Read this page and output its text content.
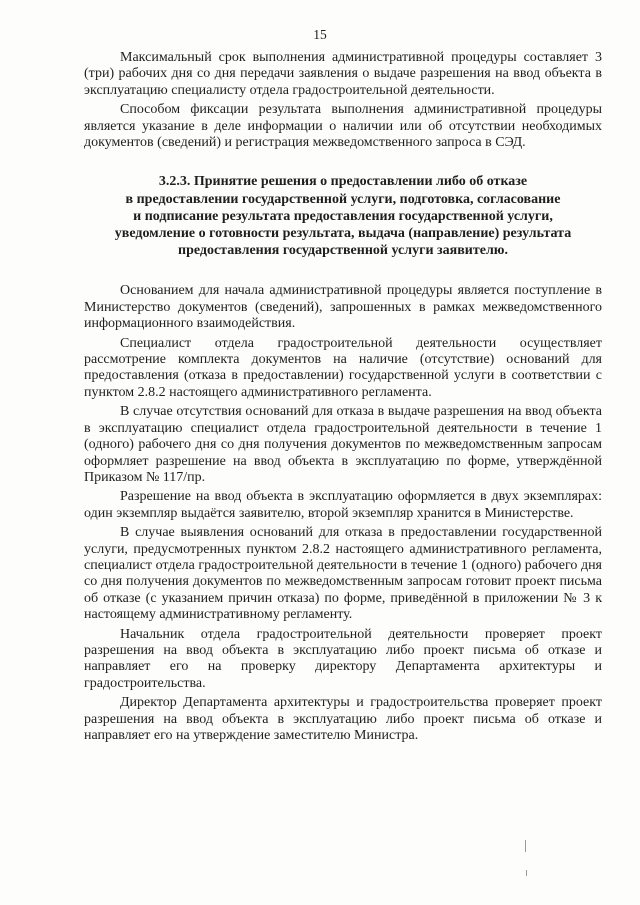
15

Максимальный срок выполнения административной процедуры составляет 3 (три) рабочих дня со дня передачи заявления о выдаче разрешения на ввод объекта в эксплуатацию специалисту отдела градостроительной деятельности.

Способом фиксации результата выполнения административной процедуры является указание в деле информации о наличии или об отсутствии необходимых документов (сведений) и регистрация межведомственного запроса в СЭД.

3.2.3. Принятие решения о предоставлении либо об отказе
в предоставлении государственной услуги, подготовка, согласование
и подписание результата предоставления государственной услуги,
уведомление о готовности результата, выдача (направление) результата
предоставления государственной услуги заявителю.

Основанием для начала административной процедуры является поступление в Министерство документов (сведений), запрошенных в рамках межведомственного информационного взаимодействия.

Специалист отдела градостроительной деятельности осуществляет рассмотрение комплекта документов на наличие (отсутствие) оснований для предоставления (отказа в предоставлении) государственной услуги в соответствии с пунктом 2.8.2 настоящего административного регламента.

В случае отсутствия оснований для отказа в выдаче разрешения на ввод объекта в эксплуатацию специалист отдела градостроительной деятельности в течение 1 (одного) рабочего дня со дня получения документов по межведомственным запросам оформляет разрешение на ввод объекта в эксплуатацию по форме, утверждённой Приказом № 117/пр.

Разрешение на ввод объекта в эксплуатацию оформляется в двух экземплярах: один экземпляр выдаётся заявителю, второй экземпляр хранится в Министерстве.

В случае выявления оснований для отказа в предоставлении государственной услуги, предусмотренных пунктом 2.8.2 настоящего административного регламента, специалист отдела градостроительной деятельности в течение 1 (одного) рабочего дня со дня получения документов по межведомственным запросам готовит проект письма об отказе (с указанием причин отказа) по форме, приведённой в приложении № 3 к настоящему административному регламенту.

Начальник отдела градостроительной деятельности проверяет проект разрешения на ввод объекта в эксплуатацию либо проект письма об отказе и направляет его на проверку директору Департамента архитектуры и градостроительства.

Директор Департамента архитектуры и градостроительства проверяет проект разрешения на ввод объекта в эксплуатацию либо проект письма об отказе и направляет его на утверждение заместителю Министра.
